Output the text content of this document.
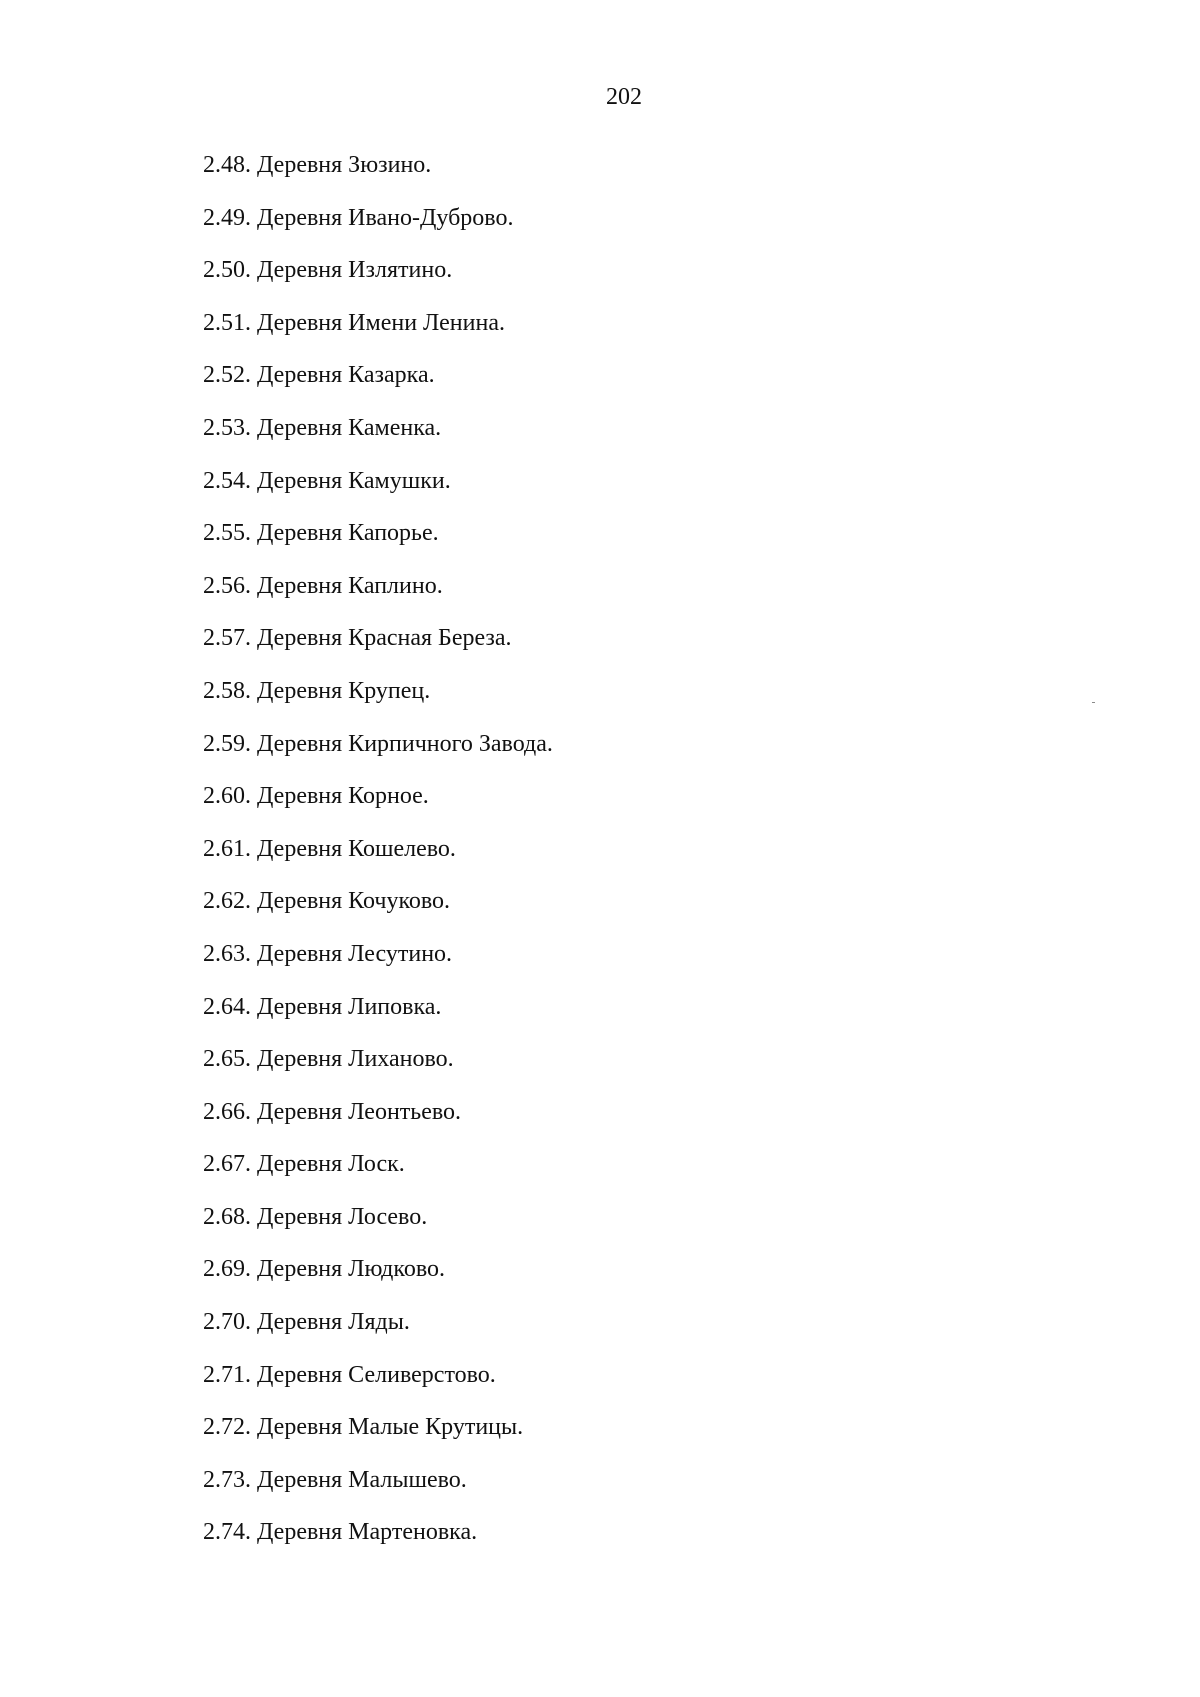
202
2.48. Деревня Зюзино.
2.49. Деревня Ивано-Дуброво.
2.50. Деревня Излятино.
2.51. Деревня Имени Ленина.
2.52. Деревня Казарка.
2.53. Деревня Каменка.
2.54. Деревня Камушки.
2.55. Деревня Капорье.
2.56. Деревня Каплино.
2.57. Деревня Красная Береза.
2.58. Деревня Крупец.
2.59. Деревня Кирпичного Завода.
2.60. Деревня Корное.
2.61. Деревня Кошелево.
2.62. Деревня Кочуково.
2.63. Деревня Лесутино.
2.64. Деревня Липовка.
2.65. Деревня Лиханово.
2.66. Деревня Леонтьево.
2.67. Деревня Лоск.
2.68. Деревня Лосево.
2.69. Деревня Людково.
2.70. Деревня Ляды.
2.71. Деревня Селиверстово.
2.72. Деревня Малые Крутицы.
2.73. Деревня Малышево.
2.74. Деревня Мартеновка.
